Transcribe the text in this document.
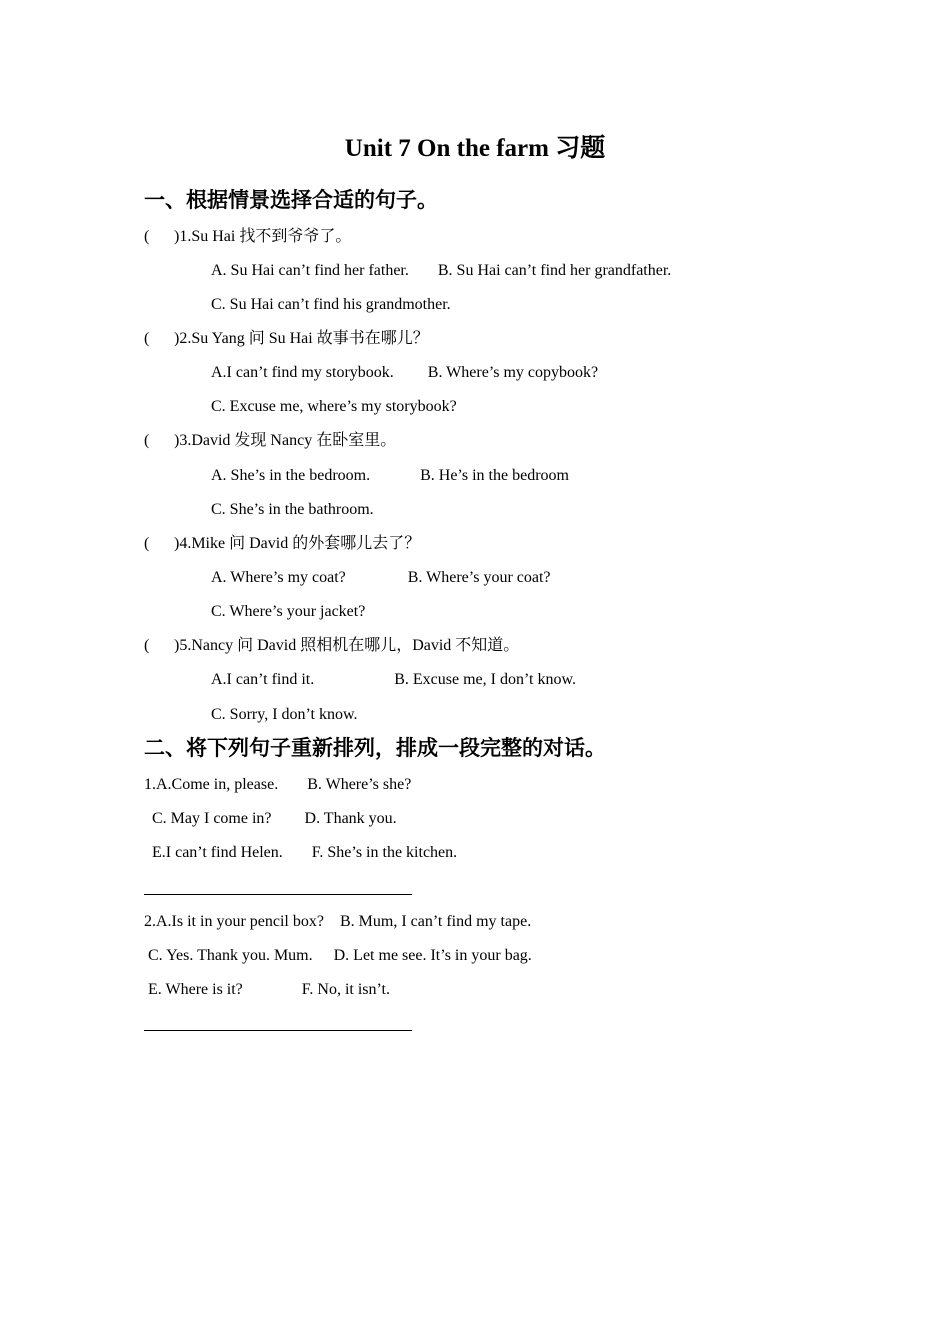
Unit 7 On the farm 习题
一、根据情景选择合适的句子。
( )1.Su Hai 找不到爷爷了。
A. Su Hai can’t find her father. B. Su Hai can’t find her grandfather.
C. Su Hai can’t find his grandmother.
( )2.Su Yang 问 Su Hai 故事书在哪儿？
A.I can’t find my storybook. B. Where’s my copybook?
C. Excuse me, where’s my storybook?
( )3.David 发现 Nancy 在卧室里。
A. She’s in the bedroom.	B. He’s in the bedroom
C. She’s in the bathroom.
( )4.Mike 问 David 的外套哪儿去了？
A. Where’s my coat?	B. Where’s your coat?
C. Where’s your jacket?
( )5.Nancy 问 David 照相机在哪儿，David 不知道。
A.I can’t find it.	B. Excuse me, I don’t know.
C. Sorry, I don’t know.
二、将下列句子重新排列，排成一段完整的对话。
1.A.Come in, please. B. Where’s she?
C. May I come in? D. Thank you.
E.I can’t find Helen. F. She’s in the kitchen.
2.A.Is it in your pencil box? B. Mum, I can’t find my tape.
C. Yes. Thank you. Mum. D. Let me see. It’s in your bag.
E. Where is it?	F. No, it isn’t.
